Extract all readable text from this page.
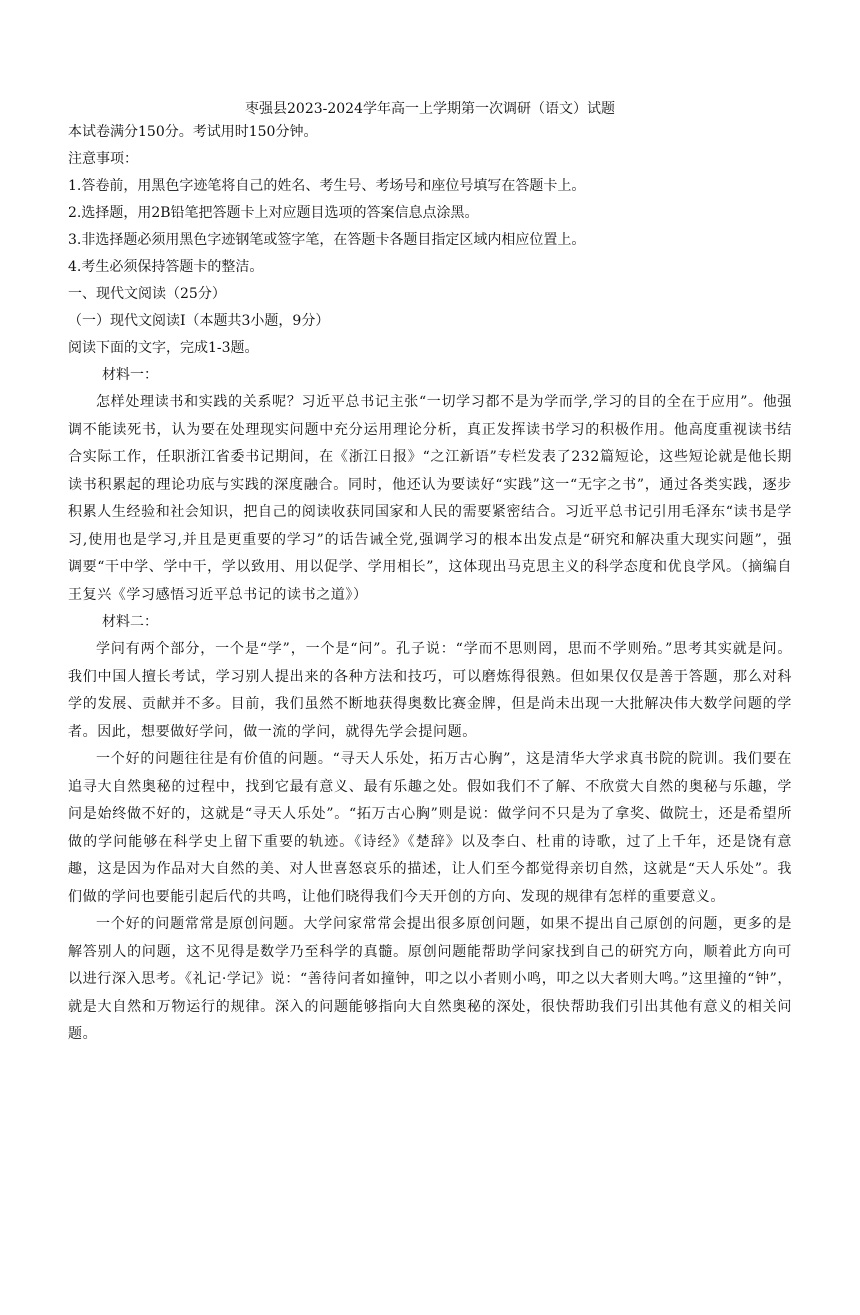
枣强县2023-2024学年高一上学期第一次调研（语文）试题

本试卷满分150分。考试用时150分钟。

注意事项：

1.答卷前，用黑色字迹笔将自己的姓名、考生号、考场号和座位号填写在答题卡上。

2.选择题，用2B铅笔把答题卡上对应题目选项的答案信息点涂黑。

3.非选择题必须用黑色字迹钢笔或签字笔，在答题卡各题目指定区域内相应位置上。

4.考生必须保持答题卡的整洁。

一、现代文阅读（25分）

（一）现代文阅读Ⅰ（本题共3小题，9分）

阅读下面的文字，完成1-3题。

材料一：

怎样处理读书和实践的关系呢？习近平总书记主张“一切学习都不是为学而学,学习的目的全在于应用”。他强调不能读死书，认为要在处理现实问题中充分运用理论分析，真正发挥读书学习的积极作用。他高度重视读书结合实际工作，任职浙江省委书记期间，在《浙江日报》“之江新语”专栏发表了232篇短论，这些短论就是他长期读书积累起的理论功底与实践的深度融合。同时，他还认为要读好“实践”这一“无字之书”，通过各类实践，逐步积累人生经验和社会知识，把自己的阅读收获同国家和人民的需要紧密结合。习近平总书记引用毛泽东“读书是学习,使用也是学习,并且是更重要的学习”的话告诫全党,强调学习的根本出发点是“研究和解决重大现实问题”，强调要“干中学、学中干，学以致用、用以促学、学用相长”，这体现出马克思主义的科学态度和优良学风。（摘编自王复兴《学习感悟习近平总书记的读书之道》）

材料二：

学问有两个部分，一个是“学”，一个是“问”。孔子说：“学而不思则罔，思而不学则殆。”思考其实就是问。我们中国人擅长考试，学习别人提出来的各种方法和技巧，可以磨炼得很熟。但如果仅仅是善于答题，那么对科学的发展、贡献并不多。目前，我们虽然不断地获得奥数比赛金牌，但是尚未出现一大批解决伟大数学问题的学者。因此，想要做好学问，做一流的学问，就得先学会提问题。

一个好的问题往往是有价值的问题。“寻天人乐处，拓万古心胸”，这是清华大学求真书院的院训。我们要在追寻大自然奥秘的过程中，找到它最有意义、最有乐趣之处。假如我们不了解、不欣赏大自然的奥秘与乐趣，学问是始终做不好的，这就是“寻天人乐处”。“拓万古心胸”则是说：做学问不只是为了拿奖、做院士，还是希望所做的学问能够在科学史上留下重要的轨迹。《诗经》《楚辞》以及李白、杜甫的诗歌，过了上千年，还是饶有意趣，这是因为作品对大自然的美、对人世喜怒哀乐的描述，让人们至今都觉得亲切自然，这就是“天人乐处”。我们做的学问也要能引起后代的共鸣，让他们晓得我们今天开创的方向、发现的规律有怎样的重要意义。

一个好的问题常常是原创问题。大学问家常常会提出很多原创问题，如果不提出自己原创的问题，更多的是解答别人的问题，这不见得是数学乃至科学的真髓。原创问题能帮助学问家找到自己的研究方向，顺着此方向可以进行深入思考。《礼记·学记》说：“善待问者如撞钟，叩之以小者则小鸣，叩之以大者则大鸣。”这里撞的“钟”，就是大自然和万物运行的规律。深入的问题能够指向大自然奥秘的深处，很快帮助我们引出其他有意义的相关问题。
